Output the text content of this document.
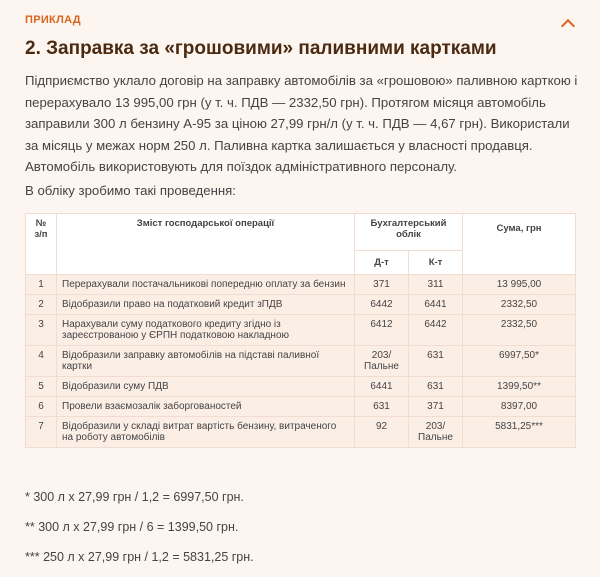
ПРИКЛАД
2. Заправка за «грошовими» паливними картками

Підприємство уклало договір на заправку автомобілів за «грошовою» паливною карткою і перерахувало 13 995,00 грн (у т. ч. ПДВ — 2332,50 грн). Протягом місяця автомобіль заправили 300 л бензину А-95 за ціною 27,99 грн/л (у т. ч. ПДВ — 4,67 грн). Використали за місяць у межах норм 250 л. Паливна картка залишається у власності продавця. Автомобіль використовують для поїздок адміністративного персоналу.

В обліку зробимо такі проведення:

№ з/п	Зміст господарської операції	Бухгалтерський облік		Сума, грн
		Д-т	К-т	
1	Перерахували постачальникові попередню оплату за бензин	371	311	13 995,00
2	Відобразили право на податковий кредит зПДВ	6442	6441	2332,50
3	Нарахували суму податкового кредиту згідно із зареєстрованою у ЄРПН податковою накладною	6412	6442	2332,50
4	Відобразили заправку автомобілів на підставі паливної картки	203/ Пальне	631	6997,50*
5	Відобразили суму ПДВ	6441	631	1399,50**
6	Провели взаємозалік заборгованостей	631	371	8397,00
7	Відобразили у складі витрат вартість бензину, витраченого на роботу автомобілів	92	203/ Пальне	5831,25***

* 300 л х 27,99 грн / 1,2 = 6997,50 грн.

** 300 л х 27,99 грн / 6 = 1399,50 грн.

*** 250 л х 27,99 грн / 1,2 = 5831,25 грн.
